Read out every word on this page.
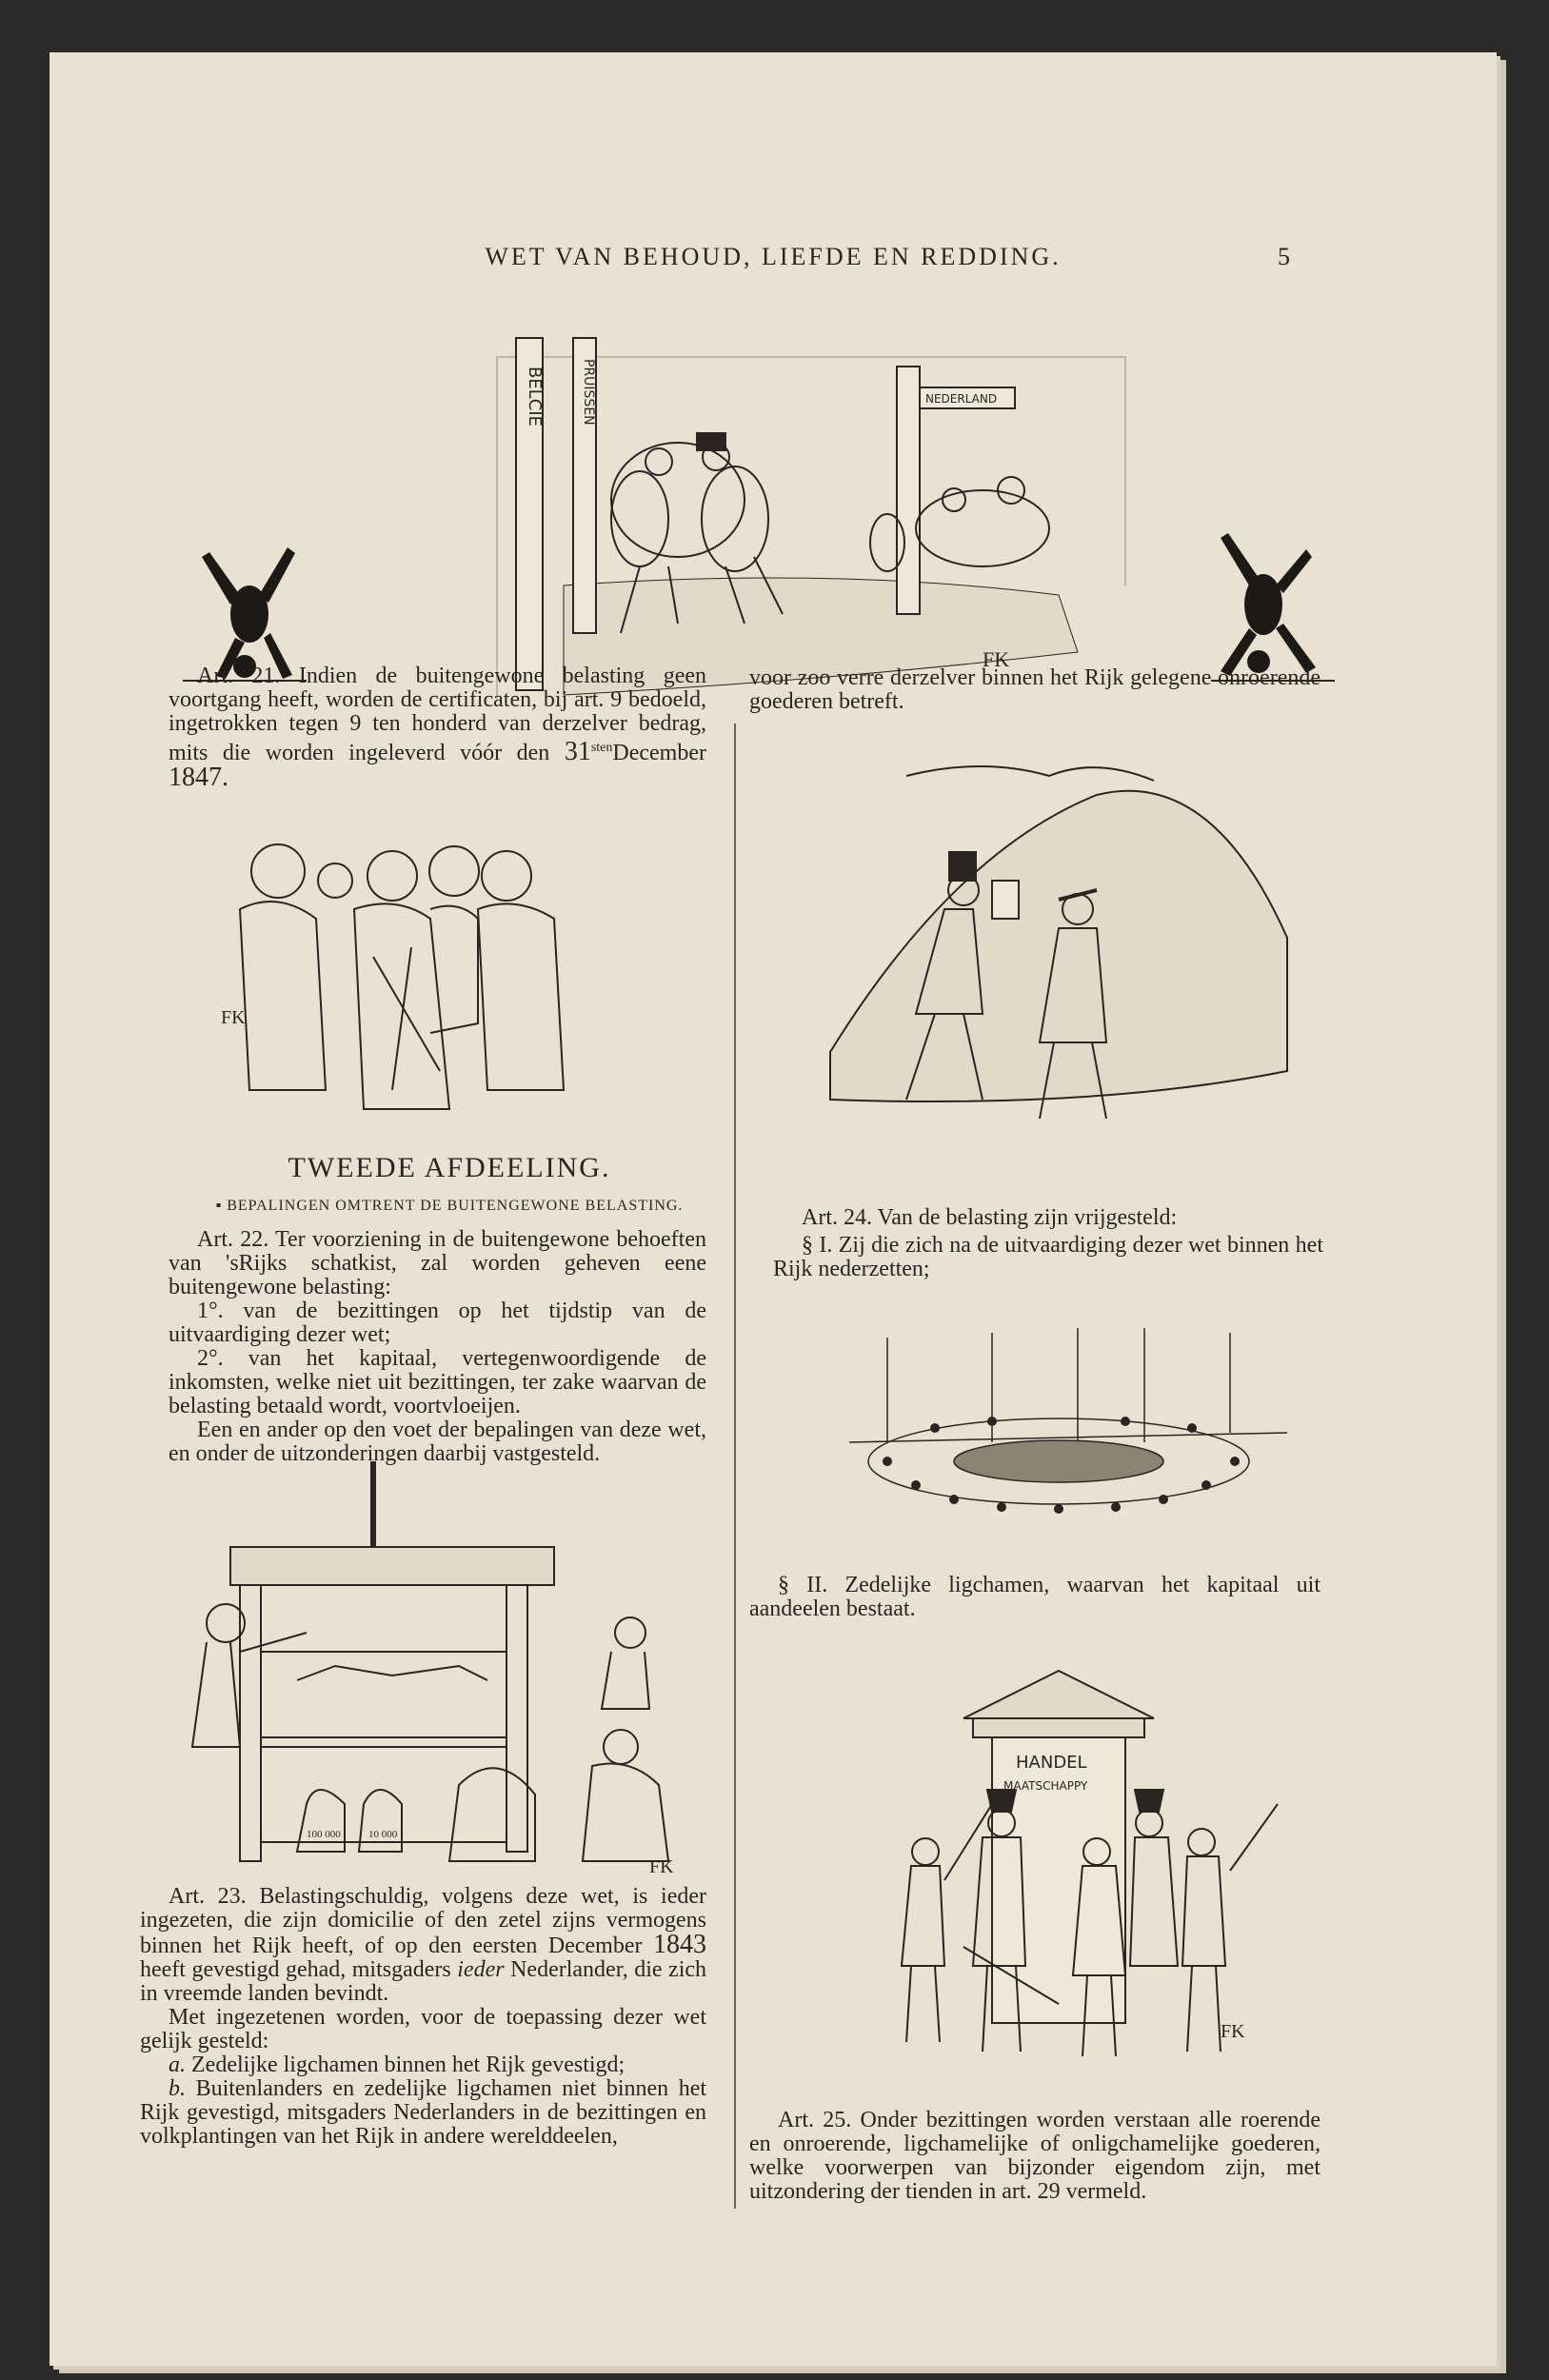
WET VAN BEHOUD, LIEFDE EN REDDING.	5
BELCIE	PRUISSEN	NEDERLAND
FK

Art. 21. Indien de buitengewone belasting geen voortgang heeft, worden de certificaten, bij art. 9 bedoeld, ingetrokken tegen 9 ten honderd van derzelver bedrag, mits die worden ingeleverd vóór den $31^{sten}December$ 1847.

FK
TWEEDE AFDEELING.
▪ BEPALINGEN OMTRENT DE BUITENGEWONE BELASTING.

Art. 22. Ter voorziening in de buitengewone behoeften van 'sRijks schatkist, zal worden geheven eene buitengewone belasting:

1°. van de bezittingen op het tijdstip van de uitvaardiging dezer wet;

2°. van het kapitaal, vertegenwoordigende de inkomsten, welke niet uit bezittingen, ter zake waarvan de belasting betaald wordt, voortvloeijen.

Een en ander op den voet der bepalingen van deze wet, en onder de uitzonderingen daarbij vastgesteld.

100 000	10 000
FK

Art. 23. Belastingschuldig, volgens deze wet, is ieder ingezeten, die zijn domicilie of den zetel zijns vermogens binnen het Rijk heeft, of op den eersten December 1843 heeft gevestigd gehad, mitsgaders ieder Nederlander, die zich in vreemde landen bevindt.

Met ingezetenen worden, voor de toepassing dezer wet gelijk gesteld:

a. Zedelijke ligchamen binnen het Rijk gevestigd;

b. Buitenlanders en zedelijke ligchamen niet binnen het Rijk gevestigd, mitsgaders Nederlanders in de bezittingen en volkplantingen van het Rijk in andere werelddeelen,

voor zoo verre derzelver binnen het Rijk gelegene onroerende goederen betreft.

Art. 24. Van de belasting zijn vrijgesteld:

§ I. Zij die zich na de uitvaardiging dezer wet binnen het Rijk nederzetten;

§ II. Zedelijke ligchamen, waarvan het kapitaal uit aandeelen bestaat.

HANDEL
MAATSCHAPPY
FK

Art. 25. Onder bezittingen worden verstaan alle roerende en onroerende, ligchamelijke of onligchamelijke goederen, welke voorwerpen van bijzonder eigendom zijn, met uitzondering der tienden in art. 29 vermeld.
